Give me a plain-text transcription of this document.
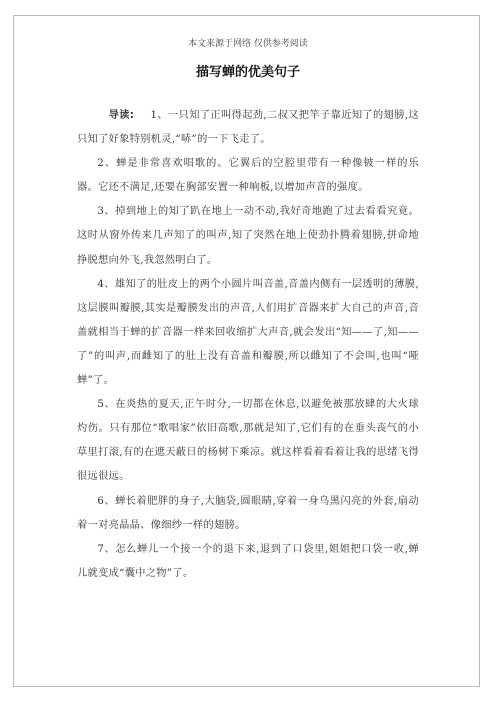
本文来源于网络 仅供参考阅读
描写蝉的优美句子

导读: 1、一只知了正叫得起劲,二叔又把竿子靠近知了的翅膀,这只知了好象特别机灵,“哧”的一下飞走了。

2、蝉是非常喜欢唱歌的。它翼后的空腔里带有一种像铍一样的乐器。它还不满足,还要在胸部安置一种响板,以增加声音的强度。

3、掉到地上的知了趴在地上一动不动,我好奇地跑了过去看看究竟。这时从窗外传来几声知了的叫声,知了突然在地上使劲扑腾着翅膀,拼命地挣脱想向外飞,我忽然明白了。

4、雄知了的肚皮上的两个小圆片叫音盖,音盖内侧有一层透明的薄膜,这层膜叫瓣膜,其实是瓣膜发出的声音,人们用扩音器来扩大自己的声音,音盖就相当于蝉的扩音器一样来回收缩扩大声音,就会发出“知——了,知——了”的叫声,而雌知了的肚上没有音盖和瓣膜,所以雌知了不会叫,也叫“哑蝉”了。

5、在炎热的夏天,正午时分,一切都在休息,以避免被那放肆的大火球灼伤。只有那位“歌唱家”依旧高歌,那就是知了,它们有的在垂头丧气的小草里打滚,有的在遮天蔽日的杨树下乘凉。就这样看着看着让我的思绪飞得很远很远。

6、蝉长着肥胖的身子,大脑袋,圆眼睛,穿着一身乌黑闪亮的外套,扇动着一对亮晶晶、像细纱一样的翅膀。

7、怎么蝉儿一个接一个的退下来,退到了口袋里,姐姐把口袋一收,蝉儿就变成“囊中之物”了。
